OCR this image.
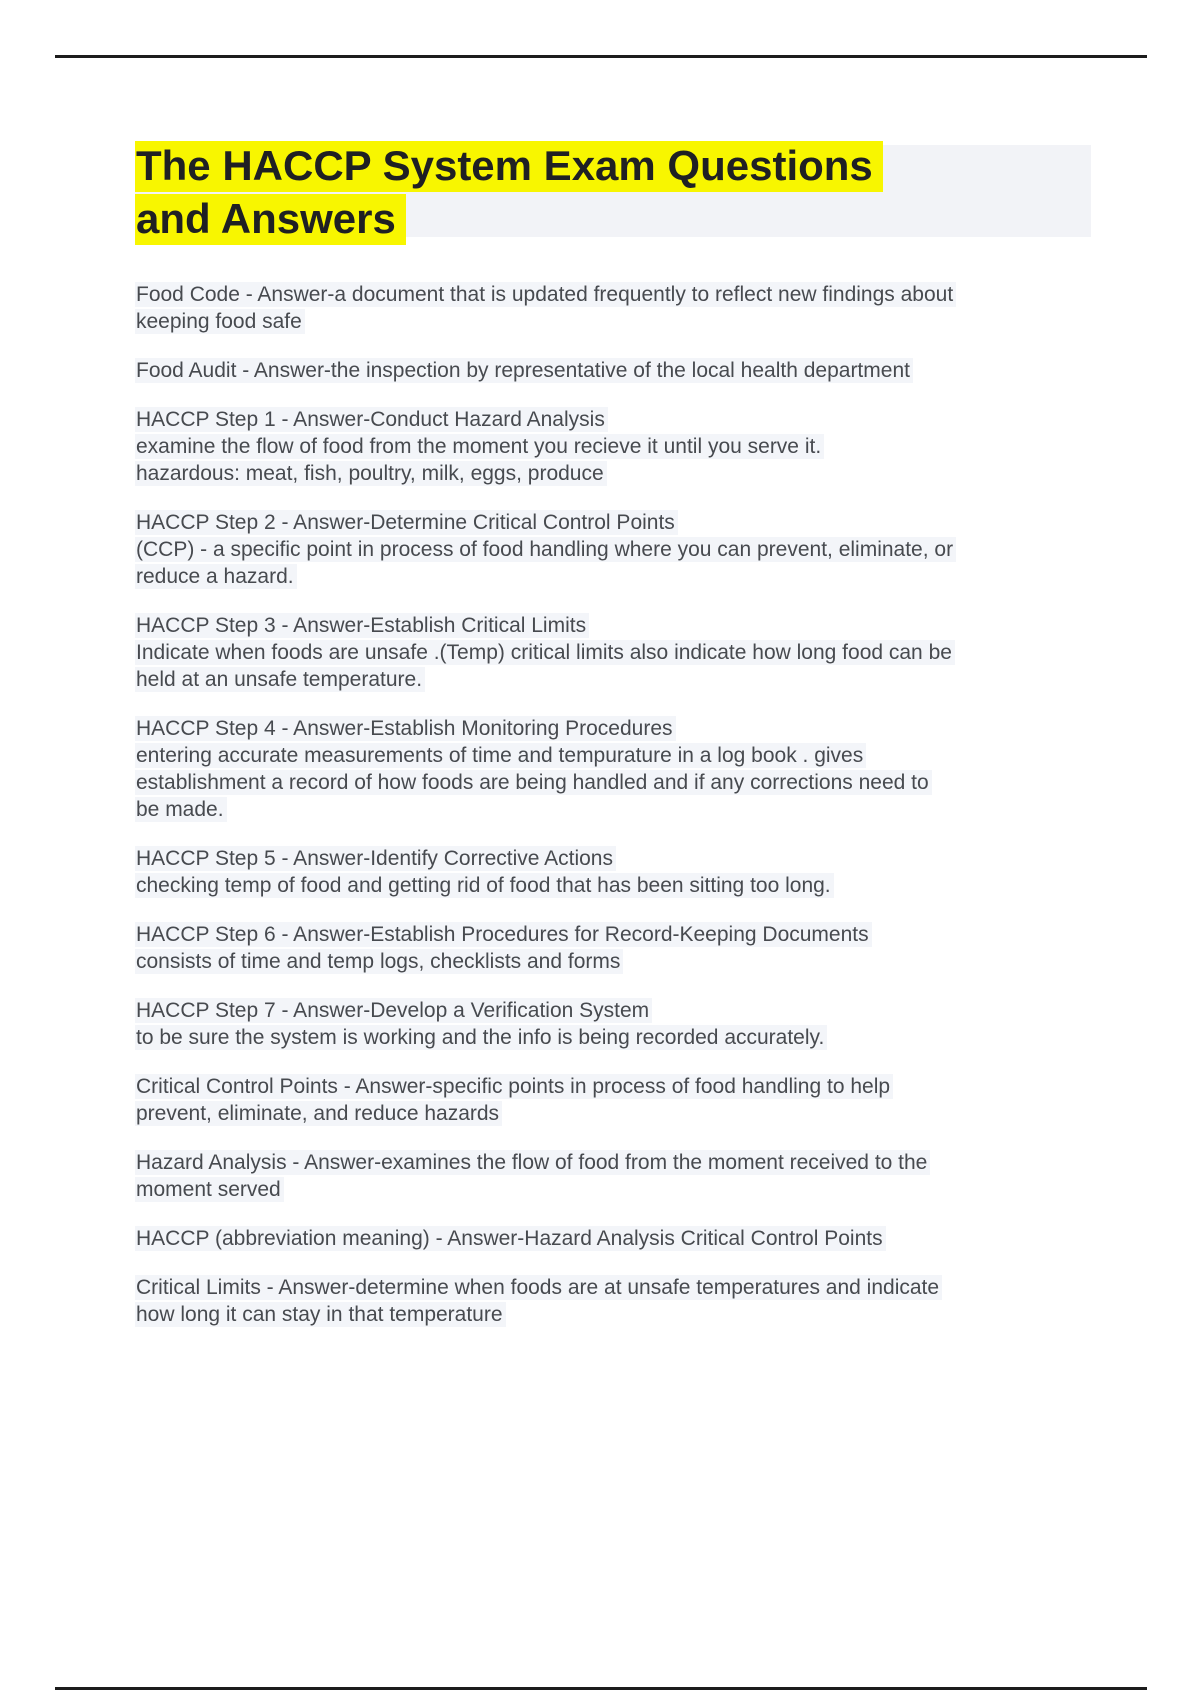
The HACCP System Exam Questions
and Answers
Food Code - Answer-a document that is updated frequently to reflect new findings about
keeping food safe
Food Audit - Answer-the inspection by representative of the local health department
HACCP Step 1 - Answer-Conduct Hazard Analysis
examine the flow of food from the moment you recieve it until you serve it.
hazardous: meat, fish, poultry, milk, eggs, produce
HACCP Step 2 - Answer-Determine Critical Control Points
(CCP) - a specific point in process of food handling where you can prevent, eliminate, or
reduce a hazard.
HACCP Step 3 - Answer-Establish Critical Limits
Indicate when foods are unsafe .(Temp) critical limits also indicate how long food can be
held at an unsafe temperature.
HACCP Step 4 - Answer-Establish Monitoring Procedures
entering accurate measurements of time and tempurature in a log book . gives
establishment a record of how foods are being handled and if any corrections need to
be made.
HACCP Step 5 - Answer-Identify Corrective Actions
checking temp of food and getting rid of food that has been sitting too long.
HACCP Step 6 - Answer-Establish Procedures for Record-Keeping Documents
consists of time and temp logs, checklists and forms
HACCP Step 7 - Answer-Develop a Verification System
to be sure the system is working and the info is being recorded accurately.
Critical Control Points - Answer-specific points in process of food handling to help
prevent, eliminate, and reduce hazards
Hazard Analysis - Answer-examines the flow of food from the moment received to the
moment served
HACCP (abbreviation meaning) - Answer-Hazard Analysis Critical Control Points
Critical Limits - Answer-determine when foods are at unsafe temperatures and indicate
how long it can stay in that temperature
